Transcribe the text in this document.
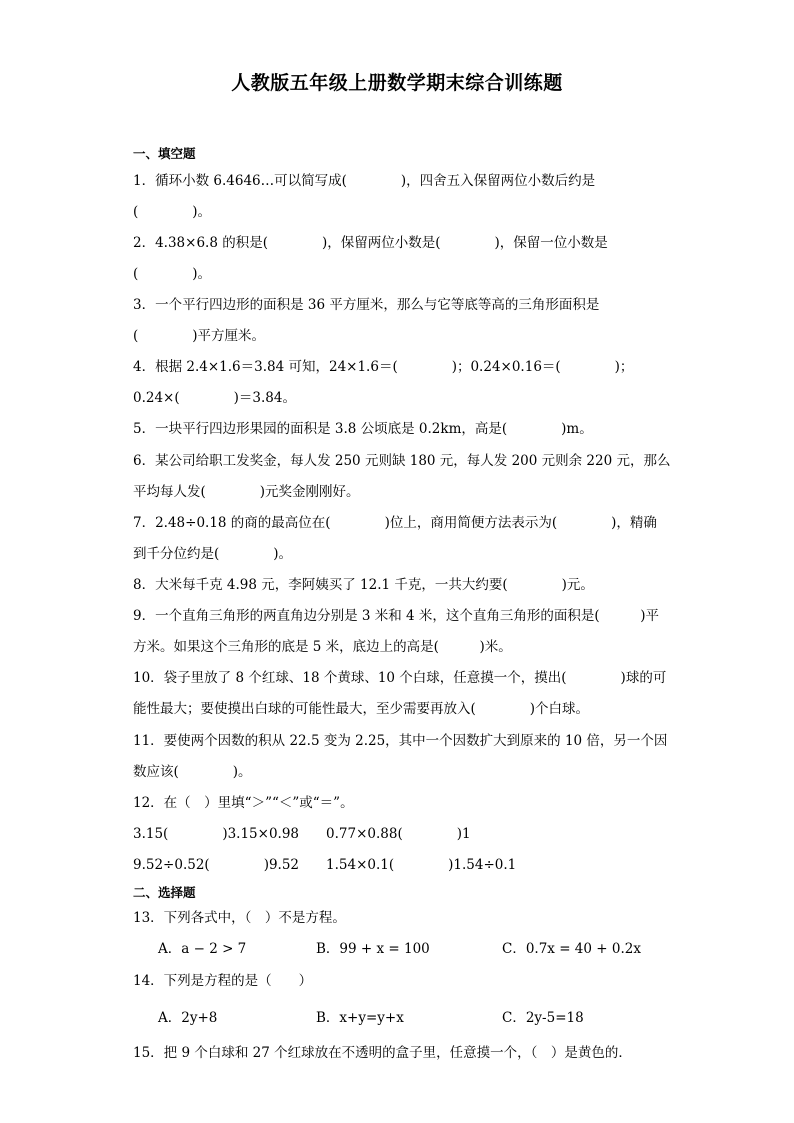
人教版五年级上册数学期末综合训练题
一、填空题
1．循环小数 6.4646…可以简写成(　　　　)，四舍五入保留两位小数后约是
(　　　　)。
2．4.38×6.8 的积是(　　　　)，保留两位小数是(　　　　)，保留一位小数是
(　　　　)。
3．一个平行四边形的面积是 36 平方厘米，那么与它等底等高的三角形面积是
(　　　　)平方厘米。
4．根据 2.4×1.6＝3.84 可知，24×1.6＝(　　　　)；0.24×0.16＝(　　　　)；
0.24×(　　　　)＝3.84。
5．一块平行四边形果园的面积是 3.8 公顷底是 0.2km，高是(　　　　)m。
6．某公司给职工发奖金，每人发 250 元则缺 180 元，每人发 200 元则余 220 元，那么
平均每人发(　　　　)元奖金刚刚好。
7．2.48÷0.18 的商的最高位在(　　　　)位上，商用简便方法表示为(　　　　)，精确
到千分位约是(　　　　)。
8．大米每千克 4.98 元，李阿姨买了 12.1 千克，一共大约要(　　　　)元。
9．一个直角三角形的两直角边分别是 3 米和 4 米，这个直角三角形的面积是(　　　)平
方米。如果这个三角形的底是 5 米，底边上的高是(　　　)米。
10．袋子里放了 8 个红球、18 个黄球、10 个白球，任意摸一个，摸出(　　　　)球的可
能性最大；要使摸出白球的可能性最大，至少需要再放入(　　　　)个白球。
11．要使两个因数的积从 22.5 变为 2.25，其中一个因数扩大到原来的 10 倍，另一个因
数应该(　　　　)。
12．在（　）里填“＞”“＜”或“＝”。
3.15(　　　　)3.15×0.98　　0.77×0.88(　　　　)1
9.52÷0.52(　　　　)9.52　　1.54×0.1(　　　　)1.54÷0.1
二、选择题
13．下列各式中，（　）不是方程。
A．a − 2 > 7	B．99 + x = 100	C．0.7x = 40 + 0.2x
14．下列是方程的是（　　）
A．2y+8	B．x+y=y+x	C．2y-5=18
15．把 9 个白球和 27 个红球放在不透明的盒子里，任意摸一个，（　）是黄色的．
